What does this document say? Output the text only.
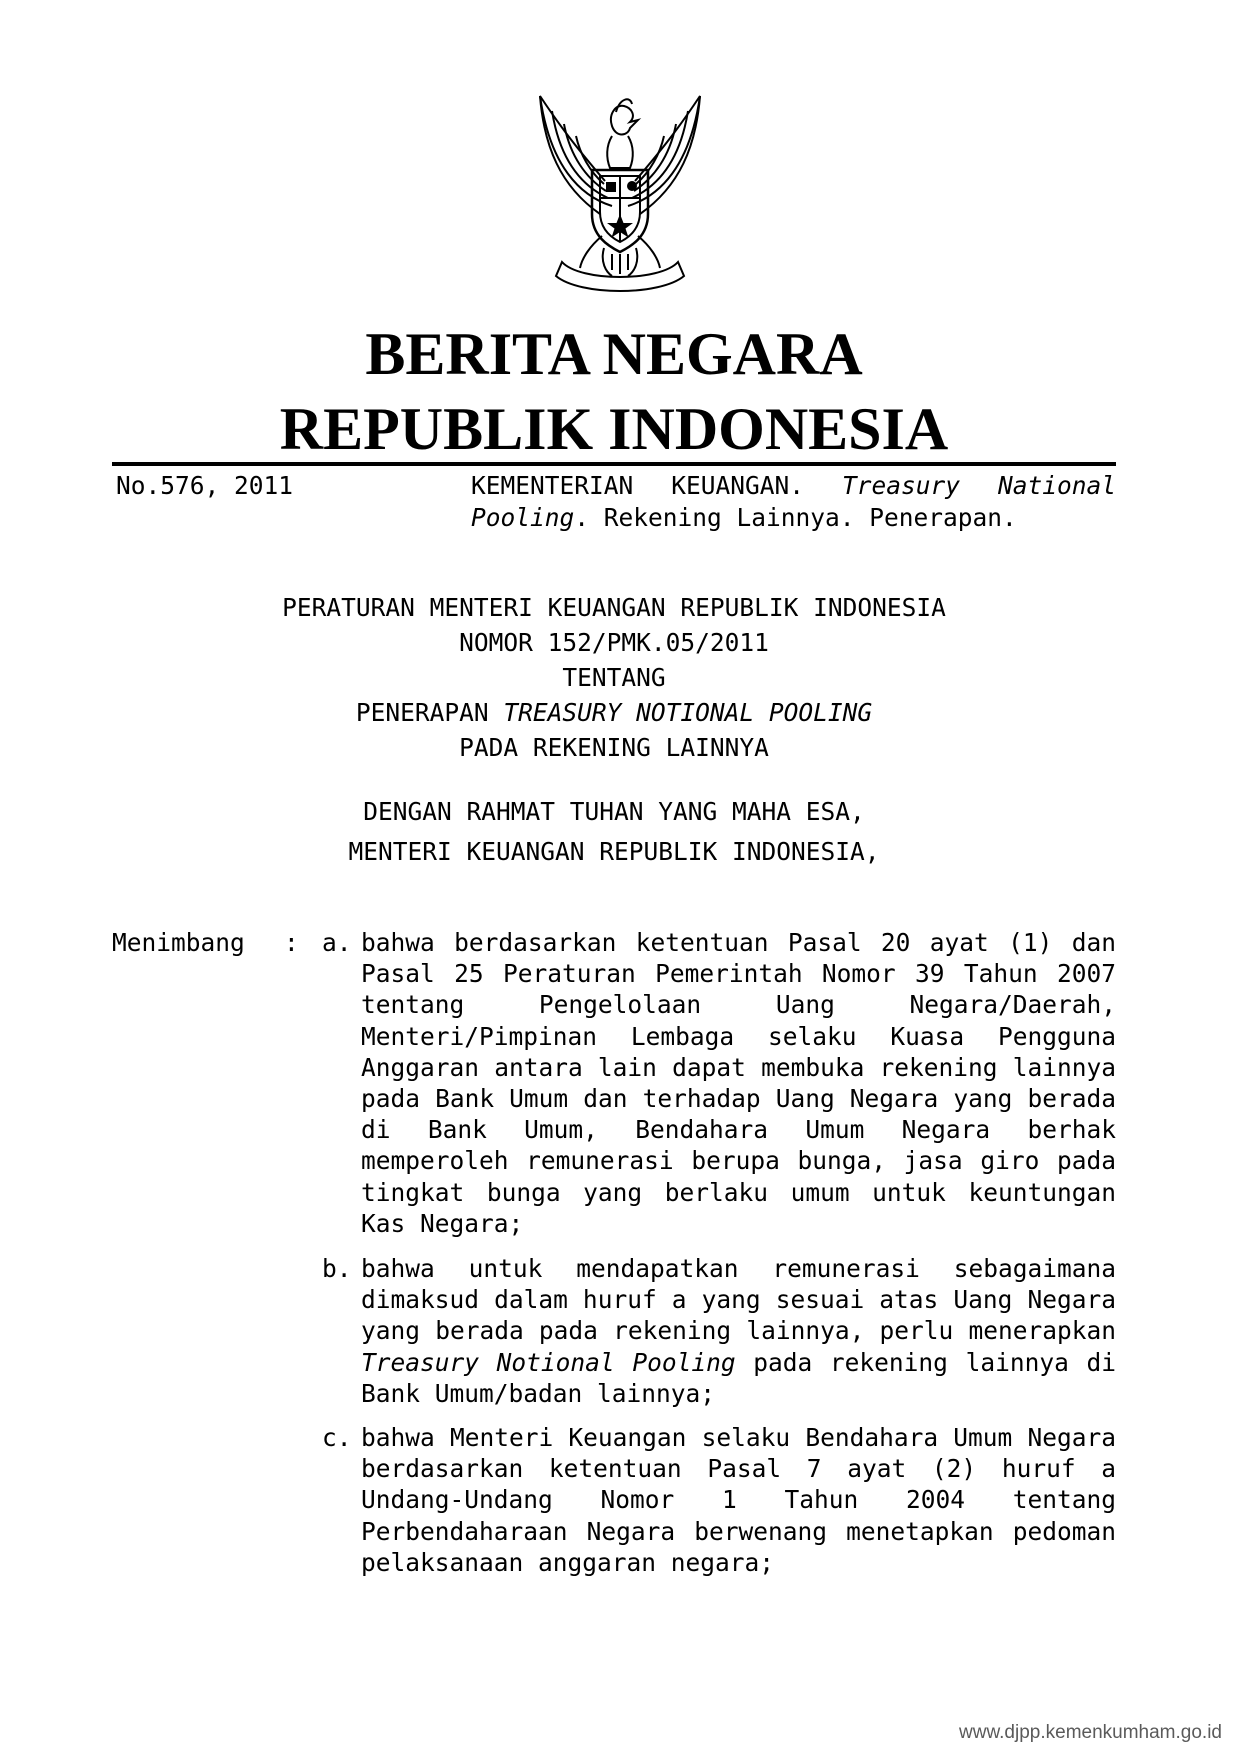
BERITA NEGARA
REPUBLIK INDONESIA
No.576, 2011	KEMENTERIAN KEUANGAN. Treasury National Pooling. Rekening Lainnya. Penerapan.
PERATURAN MENTERI KEUANGAN REPUBLIK INDONESIA
NOMOR 152/PMK.05/2011
TENTANG
PENERAPAN TREASURY NOTIONAL POOLING
PADA REKENING LAINNYA
DENGAN RAHMAT TUHAN YANG MAHA ESA,
MENTERI KEUANGAN REPUBLIK INDONESIA,
Menimbang : a. bahwa berdasarkan ketentuan Pasal 20 ayat (1) dan Pasal 25 Peraturan Pemerintah Nomor 39 Tahun 2007 tentang Pengelolaan Uang Negara/Daerah, Menteri/Pimpinan Lembaga selaku Kuasa Pengguna Anggaran antara lain dapat membuka rekening lainnya pada Bank Umum dan terhadap Uang Negara yang berada di Bank Umum, Bendahara Umum Negara berhak memperoleh remunerasi berupa bunga, jasa giro pada tingkat bunga yang berlaku umum untuk keuntungan Kas Negara;
b. bahwa untuk mendapatkan remunerasi sebagaimana dimaksud dalam huruf a yang sesuai atas Uang Negara yang berada pada rekening lainnya, perlu menerapkan Treasury Notional Pooling pada rekening lainnya di Bank Umum/badan lainnya;
c. bahwa Menteri Keuangan selaku Bendahara Umum Negara berdasarkan ketentuan Pasal 7 ayat (2) huruf a Undang-Undang Nomor 1 Tahun 2004 tentang Perbendaharaan Negara berwenang menetapkan pedoman pelaksanaan anggaran negara;
www.djpp.kemenkumham.go.id
